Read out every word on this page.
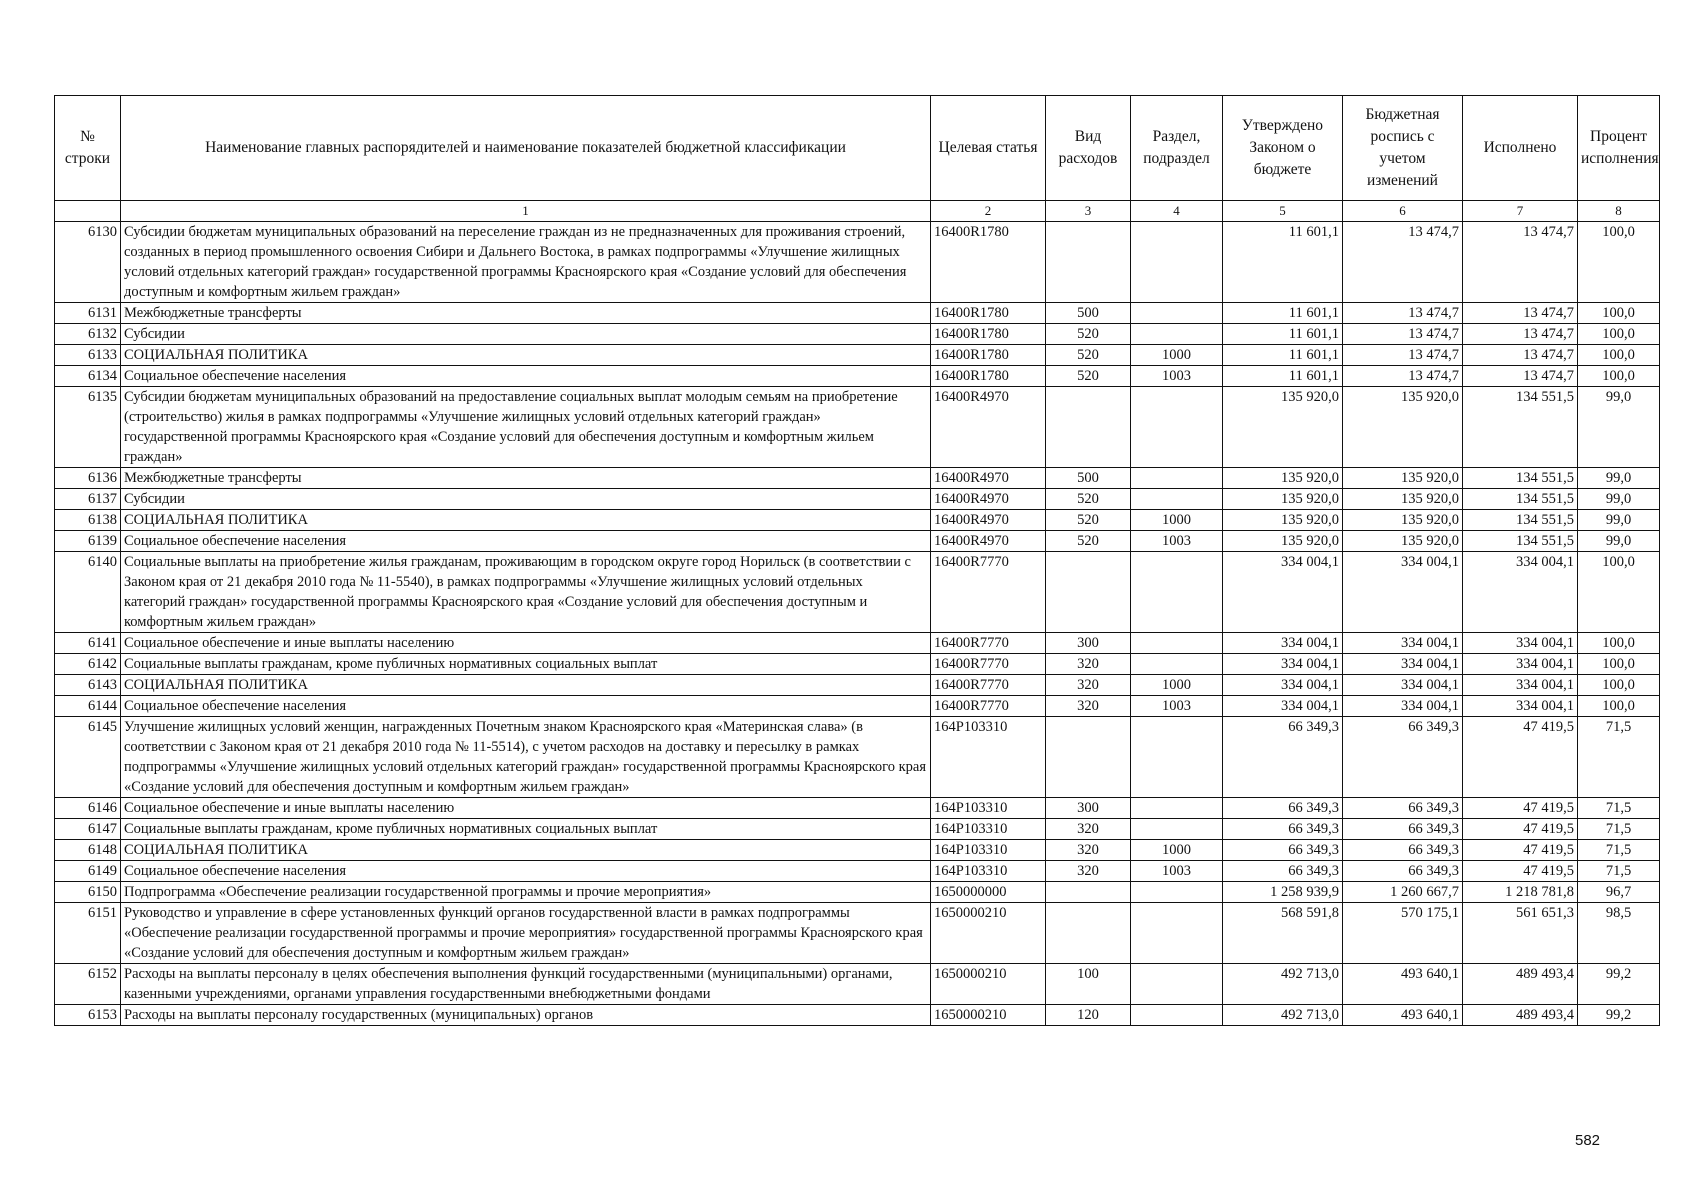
№ строки	Наименование главных распорядителей и наименование показателей бюджетной классификации	Целевая статья	Вид расходов	Раздел, подраздел	Утверждено Законом о бюджете	Бюджетная роспись с учетом изменений	Исполнено	Процент исполнения
	1	2	3	4	5	6	7	8
6130	Субсидии бюджетам муниципальных образований на переселение граждан из не предназначенных для проживания строений, созданных в период промышленного освоения Сибири и Дальнего Востока, в рамках подпрограммы «Улучшение жилищных условий отдельных категорий граждан» государственной программы Красноярского края «Создание условий для обеспечения доступным и комфортным жильем граждан»	16400R1780			11 601,1	13 474,7	13 474,7	100,0
6131	Межбюджетные трансферты	16400R1780	500		11 601,1	13 474,7	13 474,7	100,0
6132	Субсидии	16400R1780	520		11 601,1	13 474,7	13 474,7	100,0
6133	СОЦИАЛЬНАЯ ПОЛИТИКА	16400R1780	520	1000	11 601,1	13 474,7	13 474,7	100,0
6134	Социальное обеспечение населения	16400R1780	520	1003	11 601,1	13 474,7	13 474,7	100,0
6135	Субсидии бюджетам муниципальных образований на предоставление социальных выплат молодым семьям на приобретение (строительство) жилья в рамках подпрограммы «Улучшение жилищных условий отдельных категорий граждан» государственной программы Красноярского края «Создание условий для обеспечения доступным и комфортным жильем граждан»	16400R4970			135 920,0	135 920,0	134 551,5	99,0
6136	Межбюджетные трансферты	16400R4970	500		135 920,0	135 920,0	134 551,5	99,0
6137	Субсидии	16400R4970	520		135 920,0	135 920,0	134 551,5	99,0
6138	СОЦИАЛЬНАЯ ПОЛИТИКА	16400R4970	520	1000	135 920,0	135 920,0	134 551,5	99,0
6139	Социальное обеспечение населения	16400R4970	520	1003	135 920,0	135 920,0	134 551,5	99,0
6140	Социальные выплаты на приобретение жилья гражданам, проживающим в городском округе город Норильск (в соответствии с Законом края от 21 декабря 2010 года № 11-5540), в рамках подпрограммы «Улучшение жилищных условий отдельных категорий граждан» государственной программы Красноярского края «Создание условий для обеспечения доступным и комфортным жильем граждан»	16400R7770			334 004,1	334 004,1	334 004,1	100,0
6141	Социальное обеспечение и иные выплаты населению	16400R7770	300		334 004,1	334 004,1	334 004,1	100,0
6142	Социальные выплаты гражданам, кроме публичных нормативных социальных выплат	16400R7770	320		334 004,1	334 004,1	334 004,1	100,0
6143	СОЦИАЛЬНАЯ ПОЛИТИКА	16400R7770	320	1000	334 004,1	334 004,1	334 004,1	100,0
6144	Социальное обеспечение населения	16400R7770	320	1003	334 004,1	334 004,1	334 004,1	100,0
6145	Улучшение жилищных условий женщин, награжденных Почетным знаком Красноярского края «Материнская слава» (в соответствии с Законом края от 21 декабря 2010 года № 11-5514), с учетом расходов на доставку и пересылку в рамках подпрограммы «Улучшение жилищных условий отдельных категорий граждан» государственной программы Красноярского края «Создание условий для обеспечения доступным и комфортным жильем граждан»	164P103310			66 349,3	66 349,3	47 419,5	71,5
6146	Социальное обеспечение и иные выплаты населению	164P103310	300		66 349,3	66 349,3	47 419,5	71,5
6147	Социальные выплаты гражданам, кроме публичных нормативных социальных выплат	164P103310	320		66 349,3	66 349,3	47 419,5	71,5
6148	СОЦИАЛЬНАЯ ПОЛИТИКА	164P103310	320	1000	66 349,3	66 349,3	47 419,5	71,5
6149	Социальное обеспечение населения	164P103310	320	1003	66 349,3	66 349,3	47 419,5	71,5
6150	Подпрограмма «Обеспечение реализации государственной программы и прочие мероприятия»	1650000000			1 258 939,9	1 260 667,7	1 218 781,8	96,7
6151	Руководство и управление в сфере установленных функций органов государственной власти в рамках подпрограммы «Обеспечение реализации государственной программы и прочие мероприятия» государственной программы Красноярского края «Создание условий для обеспечения доступным и комфортным жильем граждан»	1650000210			568 591,8	570 175,1	561 651,3	98,5
6152	Расходы на выплаты персоналу в целях обеспечения выполнения функций государственными (муниципальными) органами, казенными учреждениями, органами управления государственными внебюджетными фондами	1650000210	100		492 713,0	493 640,1	489 493,4	99,2
6153	Расходы на выплаты персоналу государственных (муниципальных) органов	1650000210	120		492 713,0	493 640,1	489 493,4	99,2
582
